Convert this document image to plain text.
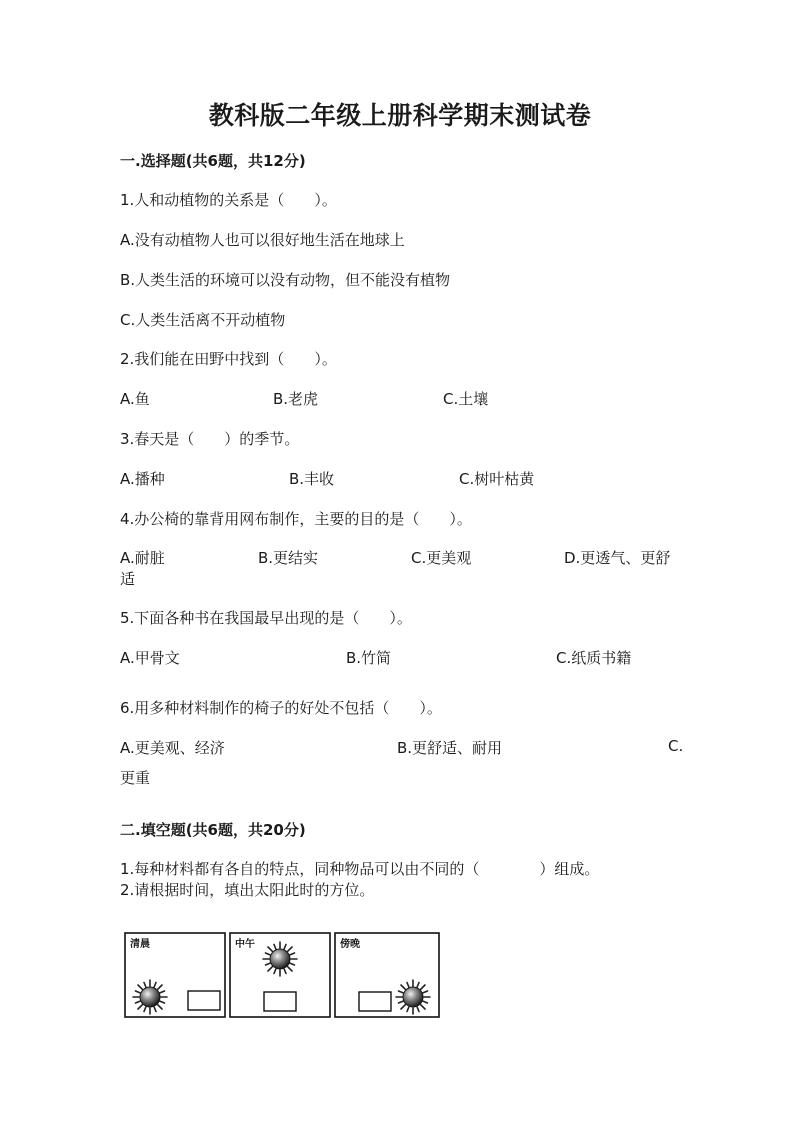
教科版二年级上册科学期末测试卷
一.选择题(共6题，共12分)
1.人和动植物的关系是（　　）。
A.没有动植物人也可以很好地生活在地球上
B.人类生活的环境可以没有动物，但不能没有植物
C.人类生活离不开动植物
2.我们能在田野中找到（　　）。
A.鱼	B.老虎	C.土壤
3.春天是（　　）的季节。
A.播种	B.丰收	C.树叶枯黄
4.办公椅的靠背用网布制作，主要的目的是（　　）。
A.耐脏	B.更结实	C.更美观	D.更透气、更舒
适
5.下面各种书在我国最早出现的是（　　）。
A.甲骨文	B.竹简	C.纸质书籍
6.用多种材料制作的椅子的好处不包括（　　）。
A.更美观、经济	B.更舒适、耐用	C.
更重
二.填空题(共6题，共20分)
1.每种材料都有各自的特点，同种物品可以由不同的（　　　　）组成。
2.请根据时间，填出太阳此时的方位。
清晨	中午	傍晚
